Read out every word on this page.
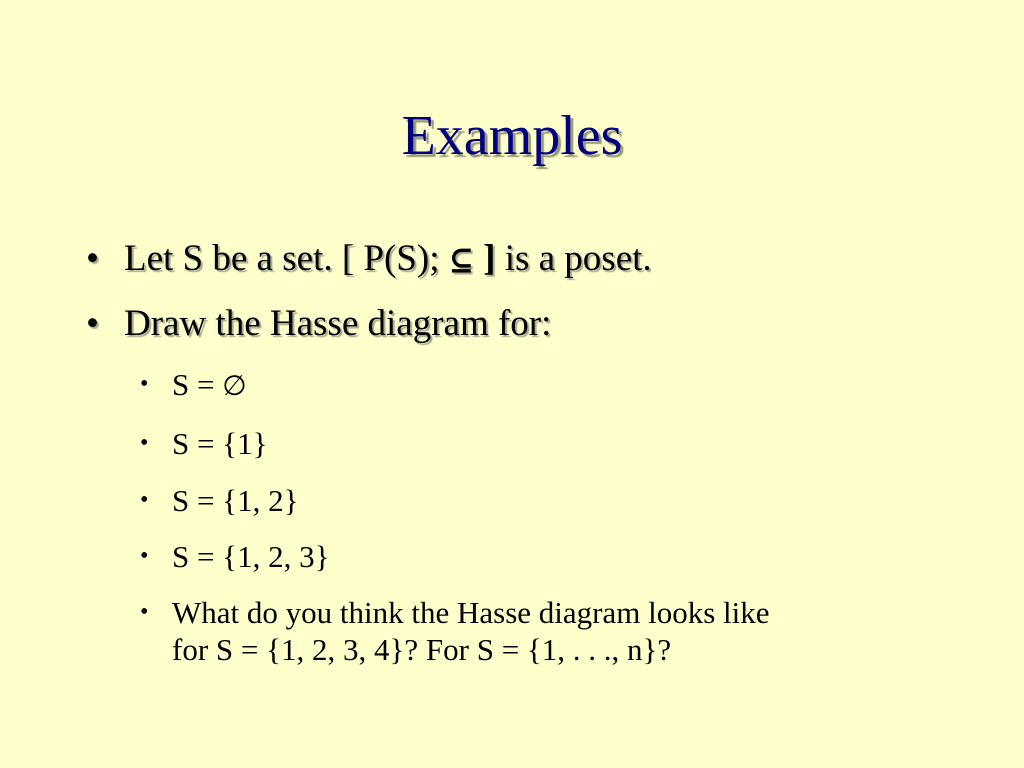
Examples
• Let S be a set. [ P(S); ⊆ ] is a poset.
• Draw the Hasse diagram for:
• S = ∅
• S = {1}
• S = {1, 2}
• S = {1, 2, 3}
• What do you think the Hasse diagram looks like
for S = {1, 2, 3, 4}? For S = {1, . . ., n}?
